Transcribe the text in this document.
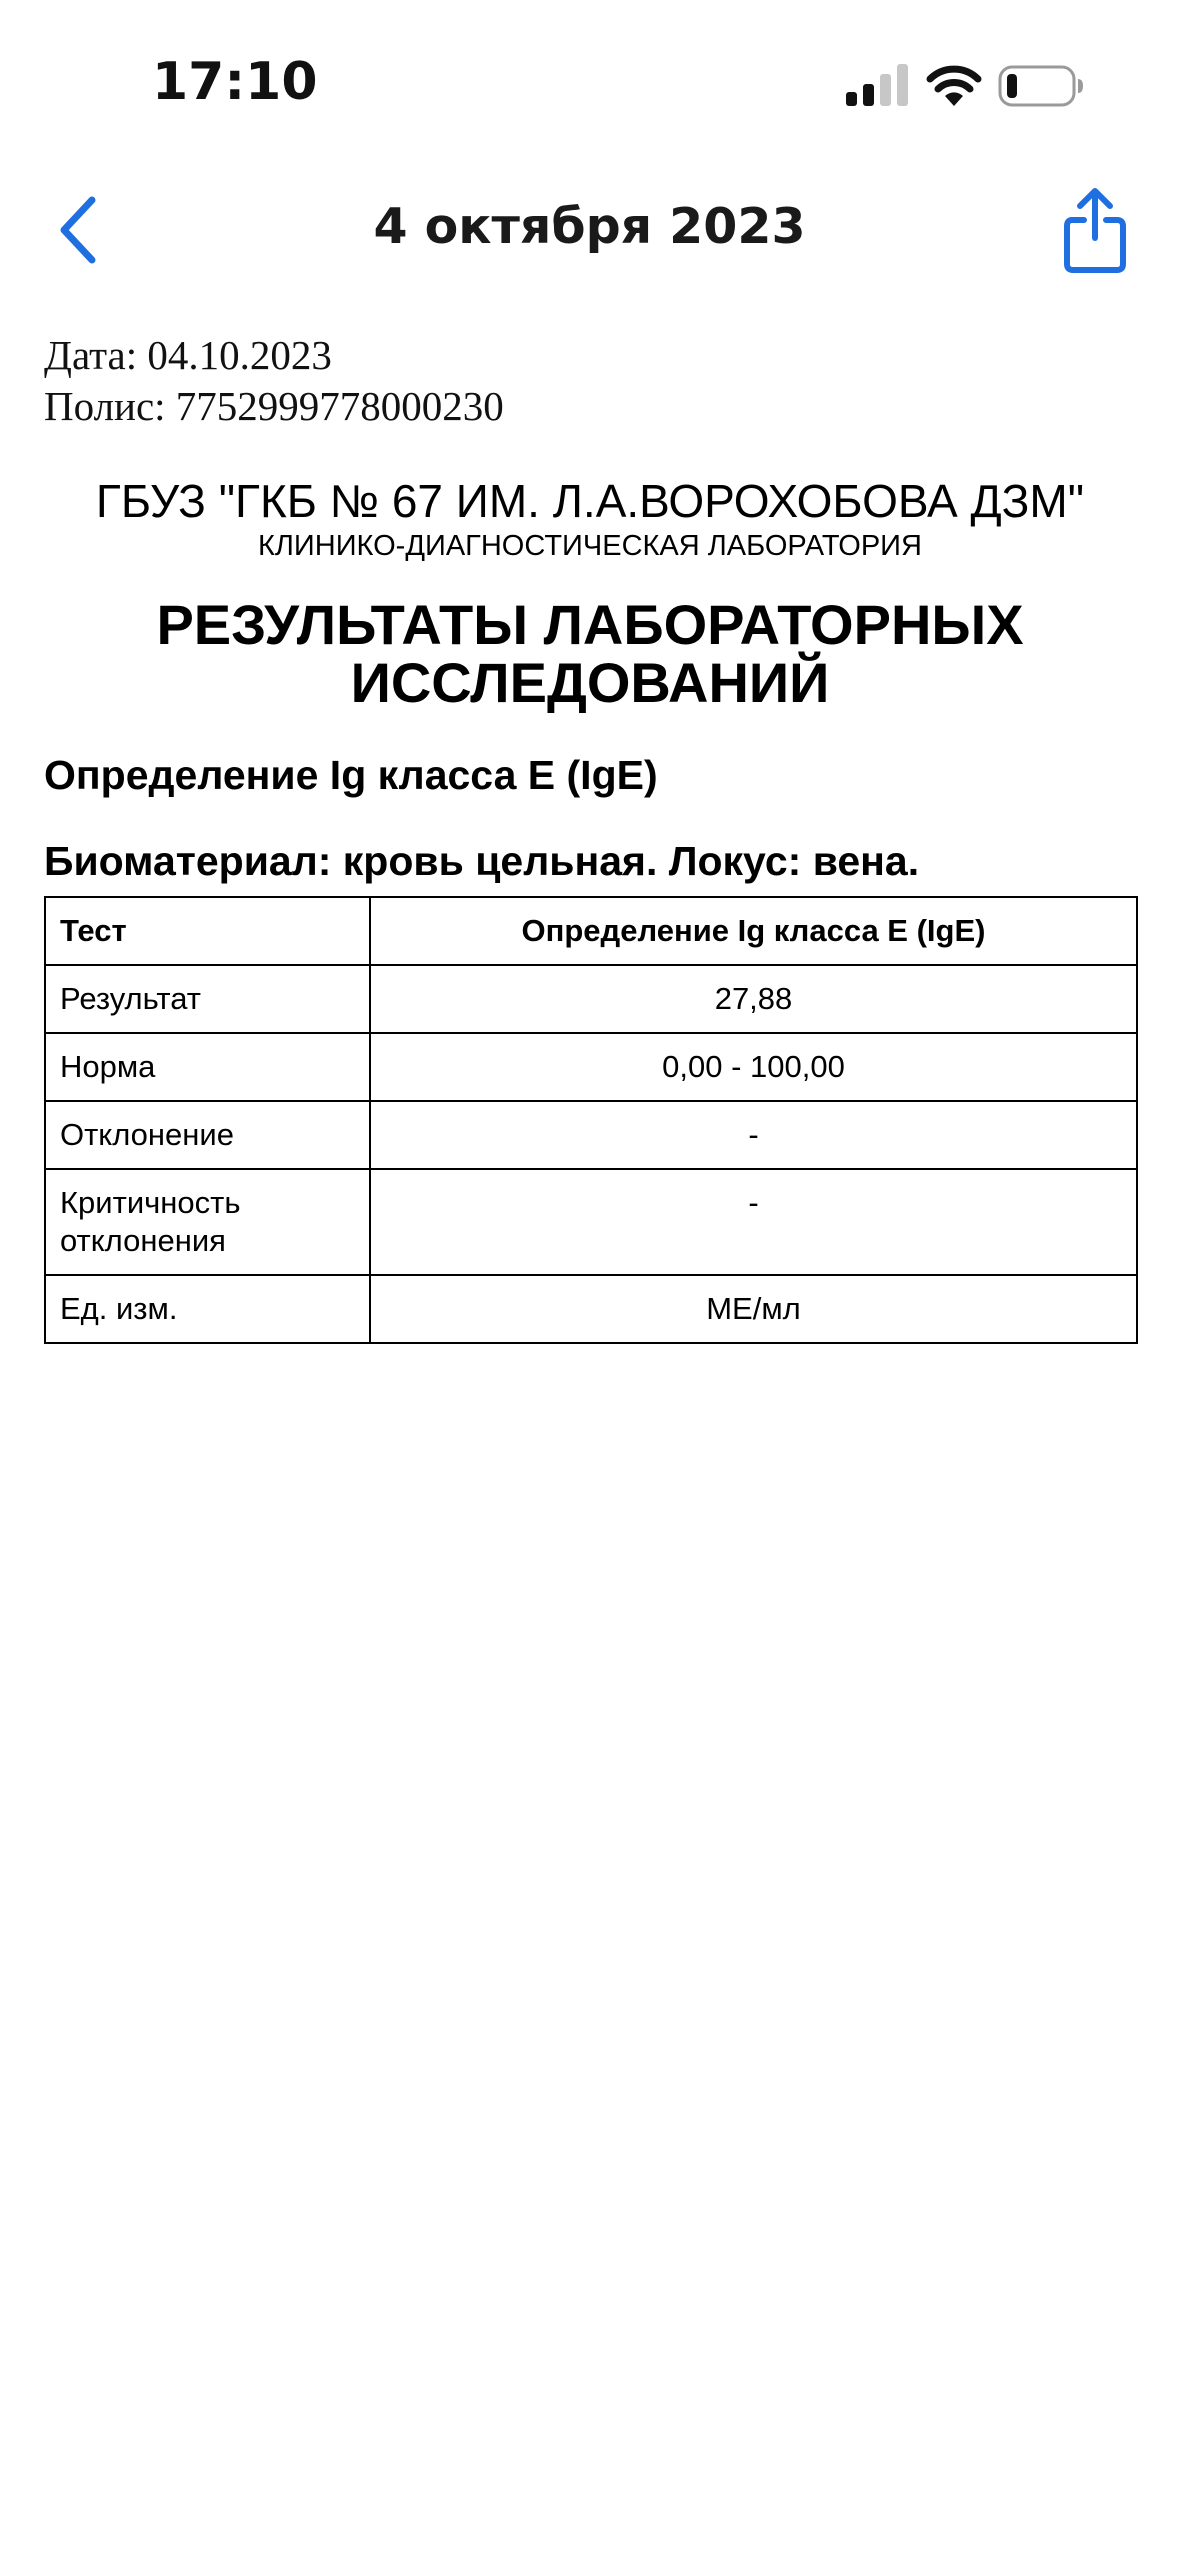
17:10
4 октября 2023
Дата: 04.10.2023
Полис: 7752999778000230
ГБУЗ "ГКБ № 67 ИМ. Л.А.ВОРОХОБОВА ДЗМ"
КЛИНИКО-ДИАГНОСТИЧЕСКАЯ ЛАБОРАТОРИЯ
РЕЗУЛЬТАТЫ ЛАБОРАТОРНЫХ ИССЛЕДОВАНИЙ
Определение Ig класса E (IgE)
Биоматериал: кровь цельная. Локус: вена.
Тест	Определение Ig класса E (IgE)
Результат	27,88
Норма	0,00 - 100,00
Отклонение	-
Критичность отклонения	-
Ед. изм.	МЕ/мл
